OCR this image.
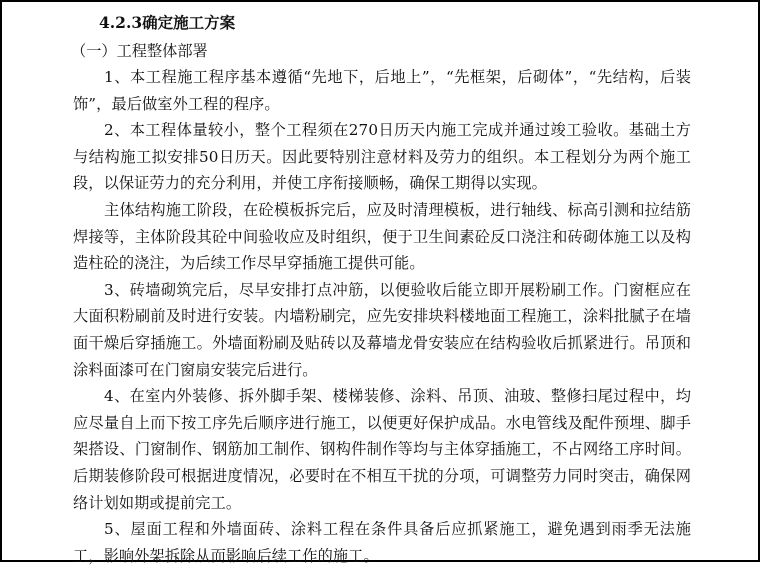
4.2.3确定施工方案
（一）工程整体部署

1、本工程施工程序基本遵循“先地下，后地上”，“先框架，后砌体”，“先结构，后装饰”，最后做室外工程的程序。

2、本工程体量较小，整个工程须在270日历天内施工完成并通过竣工验收。基础土方与结构施工拟安排50日历天。因此要特别注意材料及劳力的组织。本工程划分为两个施工段，以保证劳力的充分利用，并使工序衔接顺畅，确保工期得以实现。

主体结构施工阶段，在砼模板拆完后，应及时清理模板，进行轴线、标高引测和拉结筋焊接等，主体阶段其砼中间验收应及时组织，便于卫生间素砼反口浇注和砖砌体施工以及构造柱砼的浇注，为后续工作尽早穿插施工提供可能。

3、砖墙砌筑完后，尽早安排打点冲筋，以便验收后能立即开展粉刷工作。门窗框应在大面积粉刷前及时进行安装。内墙粉刷完，应先安排块料楼地面工程施工，涂料批腻子在墙面干燥后穿插施工。外墙面粉刷及贴砖以及幕墙龙骨安装应在结构验收后抓紧进行。吊顶和涂料面漆可在门窗扇安装完后进行。

4、在室内外装修、拆外脚手架、楼梯装修、涂料、吊顶、油玻、整修扫尾过程中，均应尽量自上而下按工序先后顺序进行施工，以便更好保护成品。水电管线及配件预埋、脚手架搭设、门窗制作、钢筋加工制作、钢构件制作等均与主体穿插施工，不占网络工序时间。后期装修阶段可根据进度情况，必要时在不相互干扰的分项，可调整劳力同时突击，确保网络计划如期或提前完工。

5、屋面工程和外墙面砖、涂料工程在条件具备后应抓紧施工，避免遇到雨季无法施工，影响外架拆除从而影响后续工作的施工。
